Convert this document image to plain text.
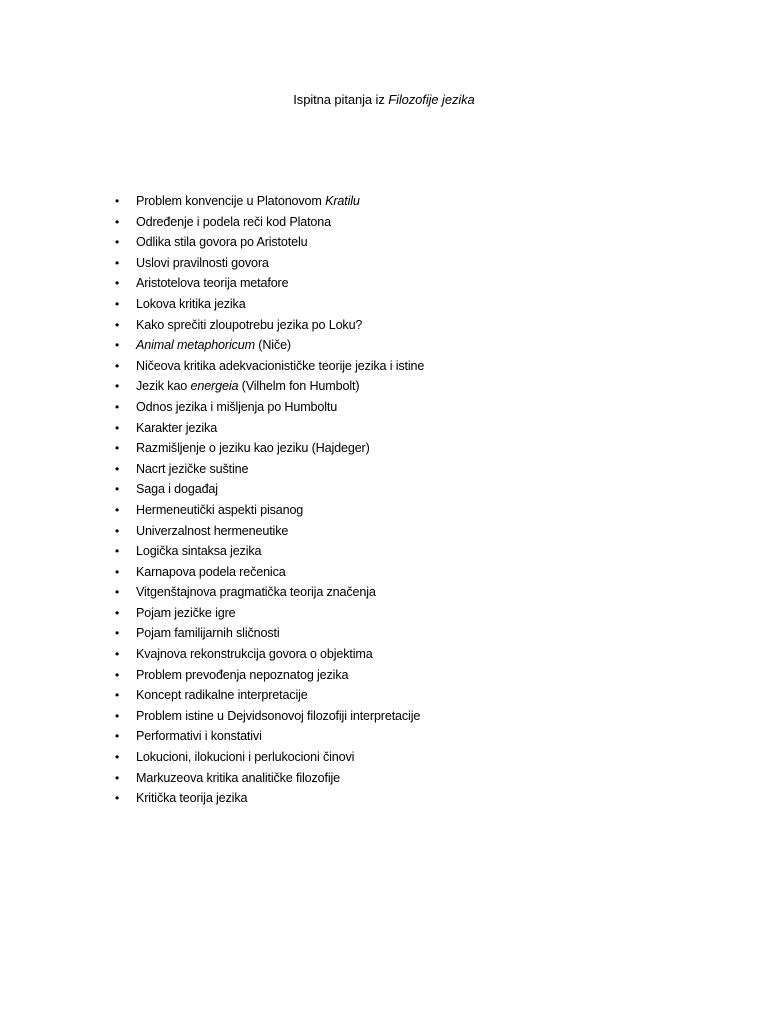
Ispitna pitanja iz Filozofije jezika
• Problem konvencije u Platonovom Kratilu
• Određenje i podela reči kod Platona
• Odlika stila govora po Aristotelu
• Uslovi pravilnosti govora
• Aristotelova teorija metafore
• Lokova kritika jezika
• Kako sprečiti zloupotrebu jezika po Loku?
• Animal metaphoricum (Niče)
• Ničeova kritika adekvacionističke teorije jezika i istine
• Jezik kao energeia (Vilhelm fon Humbolt)
• Odnos jezika i mišljenja po Humboltu
• Karakter jezika
• Razmišljenje o jeziku kao jeziku (Hajdeger)
• Nacrt jezičke suštine
• Saga i događaj
• Hermeneutički aspekti pisanog
• Univerzalnost hermeneutike
• Logička sintaksa jezika
• Karnapova podela rečenica
• Vitgenštajnova pragmatička teorija značenja
• Pojam jezičke igre
• Pojam familijarnih sličnosti
• Kvajnova rekonstrukcija govora o objektima
• Problem prevođenja nepoznatog jezika
• Koncept radikalne interpretacije
• Problem istine u Dejvidsonovoj filozofiji interpretacije
• Performativi i konstativi
• Lokucioni, ilokucioni i perlukocioni činovi
• Markuzeova kritika analitičke filozofije
• Kritička teorija jezika
